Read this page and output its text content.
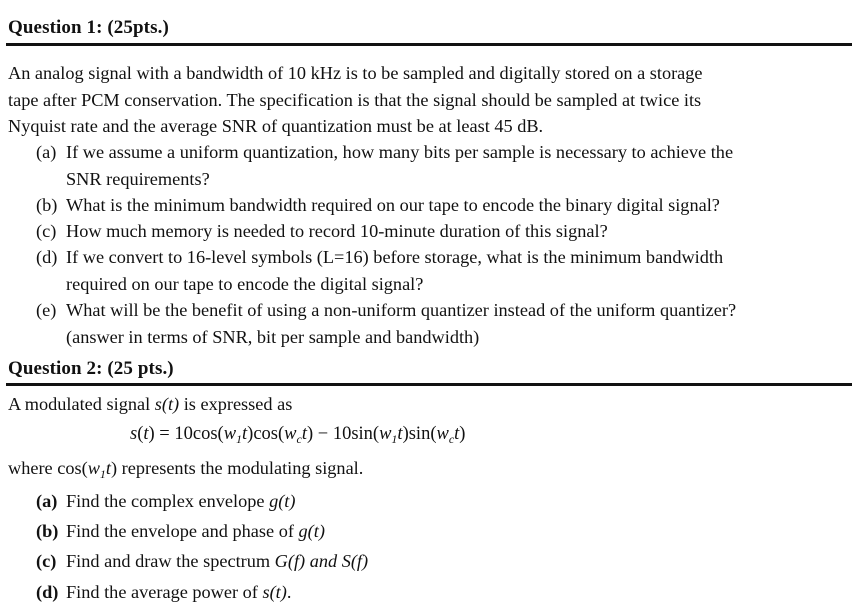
Question 1: (25pts.)
An analog signal with a bandwidth of 10 kHz is to be sampled and digitally stored on a storage
tape after PCM conservation. The specification is that the signal should be sampled at twice its
Nyquist rate and the average SNR of quantization must be at least 45 dB.
(a) If we assume a uniform quantization, how many bits per sample is necessary to achieve the
SNR requirements?
(b) What is the minimum bandwidth required on our tape to encode the binary digital signal?
(c) How much memory is needed to record 10-minute duration of this signal?
(d) If we convert to 16-level symbols (L=16) before storage, what is the minimum bandwidth
required on our tape to encode the digital signal?
(e) What will be the benefit of using a non-uniform quantizer instead of the uniform quantizer?
(answer in terms of SNR, bit per sample and bandwidth)
Question 2: (25 pts.)
A modulated signal s(t) is expressed as
$s(t) = 10\cos(w_1t)\cos(w_ct) - 10\sin(w_1t)\sin(w_ct)$
where $\cos(w_1t)$ represents the modulating signal.
(a) Find the complex envelope g(t)
(b) Find the envelope and phase of g(t)
(c) Find and draw the spectrum G(f) and S(f)
(d) Find the average power of s(t).
